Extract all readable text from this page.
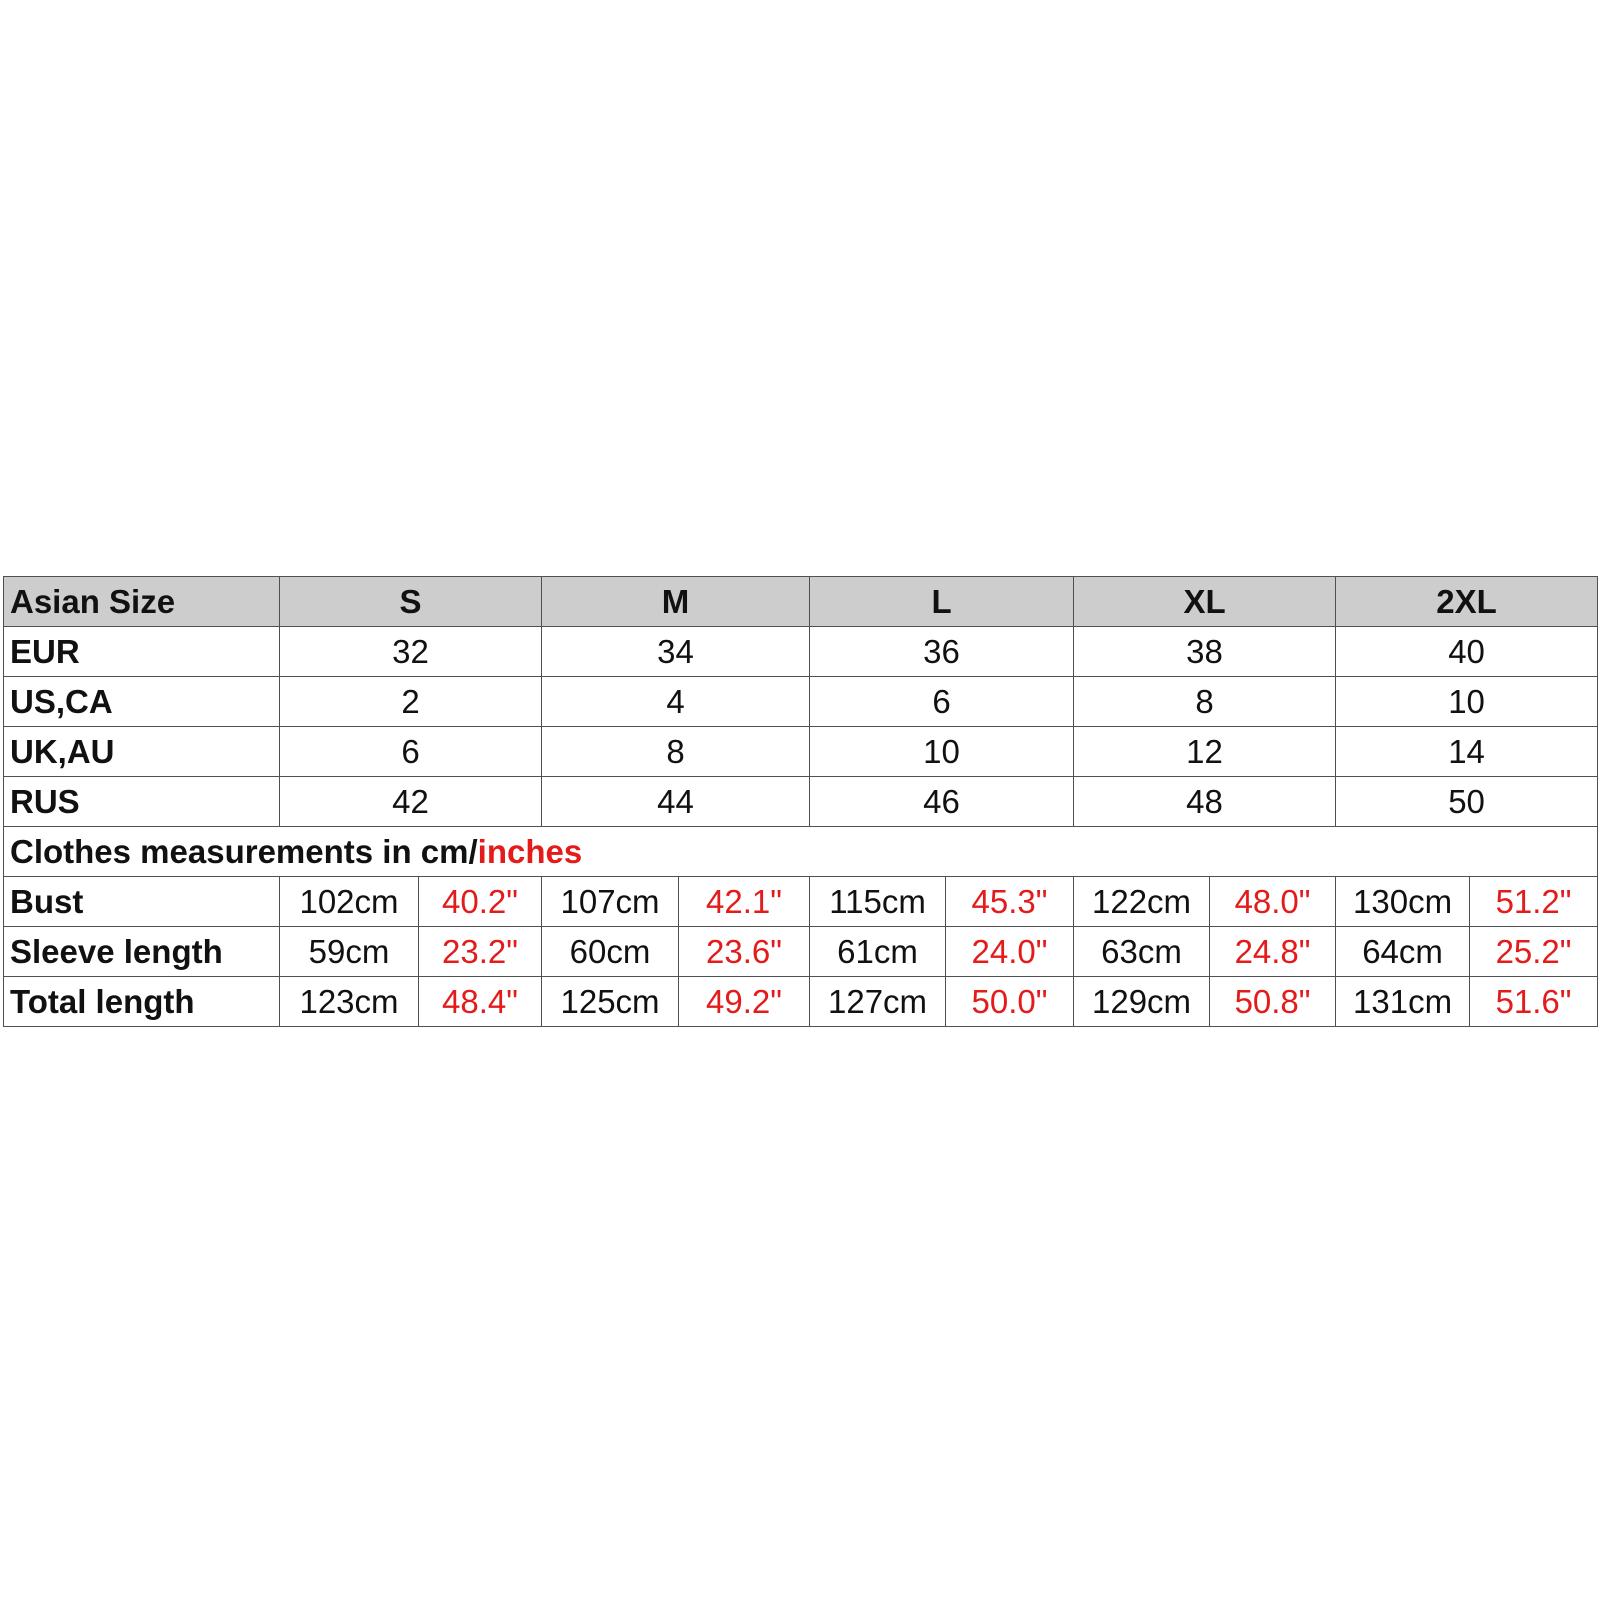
Asian Size	S		M		L		XL		2XL	
EUR	32		34		36		38		40	
US,CA	2		4		6		8		10	
UK,AU	6		8		10		12		14	
RUS	42		44		46		48		50	
Clothes measurements in cm/inches										
Bust	102cm	40.2"	107cm	42.1"	115cm	45.3"	122cm	48.0"	130cm	51.2"
Sleeve length	59cm	23.2"	60cm	23.6"	61cm	24.0"	63cm	24.8"	64cm	25.2"
Total length	123cm	48.4"	125cm	49.2"	127cm	50.0"	129cm	50.8"	131cm	51.6"
